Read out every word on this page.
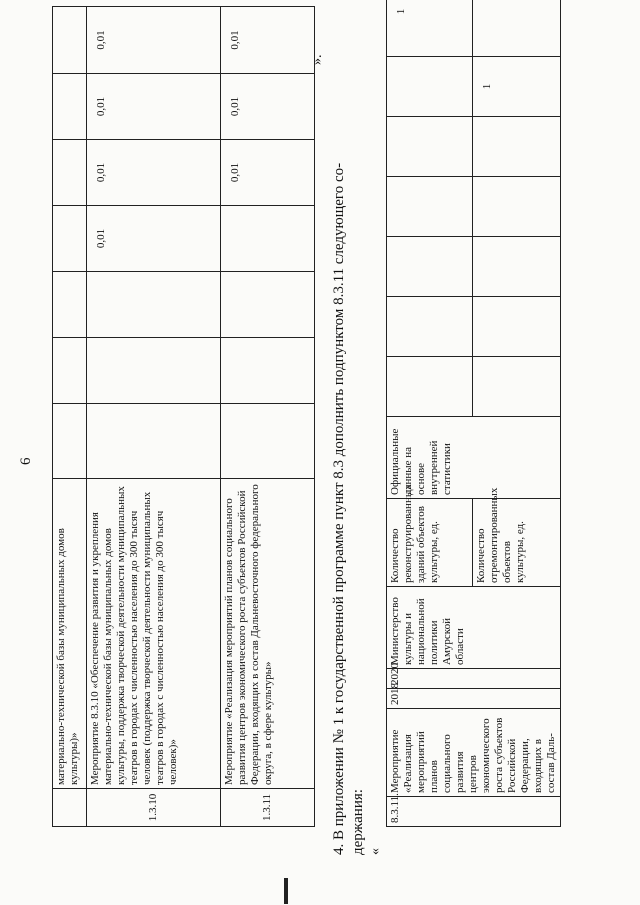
6
	материально-технической базы муниципальных домов культуры)»							
1.3.10	Мероприятие 8.3.10 «Обеспечение развития и укрепления материально-технической базы муниципальных домов культуры, поддержка творческой деятельности муниципальных театров в городах с численностью населения до 300 тысяч человек (поддержка творческой деятельности муниципальных театров в городах с численностью населения до 300 тысяч человек)»				0,01	0,01	0,01	0,01
1.3.11	Мероприятие «Реализация мероприятий планов социального развития центров экономического роста субъектов Российской Федерации, входящих в состав Дальневосточного федерального округа, в сфере культуры»					0,01	0,01	0,01
».
4. В приложении № 1 к государственной программе пункт 8.3 дополнить подпунктом 8.3.11 следующего со- держания: «
8.3.11.	Мероприятие «Реализация мероприятий планов социального развития центров экономического роста субъектов Российской Федерации, входящих в состав Даль-	2018	2020	Министерство культуры и национальной политики Амурской области	Количество реконструированных зданий объектов культуры, ед.	Официальные данные на основе внутренней статистики							1
					Количество отремонтированных объектов культуры, ед.							1	
